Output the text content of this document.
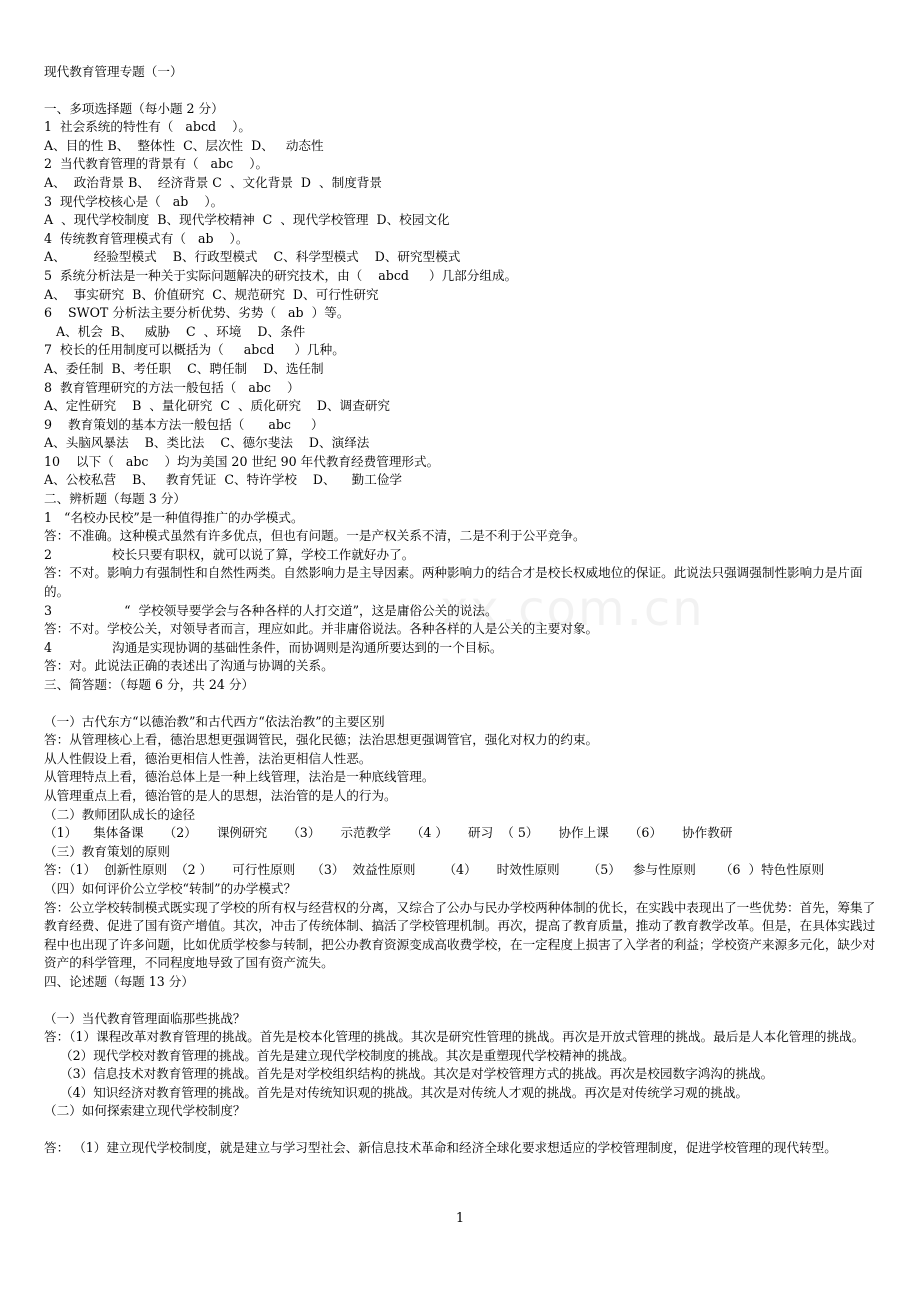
xx.com.cn

现代教育管理专题（一）

一、多项选择题（每小题 2 分）

1  社会系统的特性有（   abcd    ）。

A、目的性 B、  整体性  C、层次性  D、   动态性

2  当代教育管理的背景有（   abc    ）。

A、  政治背景 B、  经济背景 C  、文化背景  D  、制度背景

3  现代学校核心是（   ab    ）。

A  、现代学校制度  B、现代学校精神  C  、现代学校管理  D、校园文化

4  传统教育管理模式有（   ab    ）。

A、       经验型模式    B、行政型模式    C、科学型模式    D、研究型模式

5  系统分析法是一种关于实际问题解决的研究技术，由（    abcd     ）几部分组成。

A、  事实研究  B、价值研究  C、规范研究  D、可行性研究

6    SWOT 分析法主要分析优势、劣势（   ab  ）等。

A、机会  B、   威胁    C  、环境    D、条件

7  校长的任用制度可以概括为（     abcd     ）几种。

A、委任制  B、考任职    C、聘任制    D、选任制

8  教育管理研究的方法一般包括（   abc    ）

A、定性研究    B  、量化研究  C  、质化研究    D、调查研究

9    教育策划的基本方法一般包括（      abc     ）

A、头脑风暴法    B、类比法    C、德尔斐法    D、演绎法

10    以下（   abc    ）均为美国 20 世纪 90 年代教育经费管理形式。

A、公校私营    B、   教育凭证  C、特许学校    D、    勤工俭学

二、辨析题（每题 3 分）

1   “名校办民校”是一种值得推广的办学模式。

答：不准确。这种模式虽然有许多优点，但也有问题。一是产权关系不清，二是不利于公平竞争。

2               校长只要有职权，就可以说了算，学校工作就好办了。

答：不对。影响力有强制性和自然性两类。自然影响力是主导因素。两种影响力的结合才是校长权威地位的保证。此说法只强调强制性影响力是片面的。

3                  “  学校领导要学会与各种各样的人打交道”，这是庸俗公关的说法。

答：不对。学校公关，对领导者而言，理应如此。并非庸俗说法。各种各样的人是公关的主要对象。

4               沟通是实现协调的基础性条件，而协调则是沟通所要达到的一个目标。

答：对。此说法正确的表述出了沟通与协调的关系。

三、简答题：（每题 6 分，共 24 分）

（一）古代东方“以德治教”和古代西方“依法治教”的主要区别

答：从管理核心上看，德治思想更强调管民，强化民德；法治思想更强调管官，强化对权力的约束。

从人性假设上看，德治更相信人性善，法治更相信人性恶。

从管理特点上看，德治总体上是一种上线管理，法治是一种底线管理。

从管理重点上看，德治管的是人的思想，法治管的是人的行为。

（二）教师团队成长的途径

（1）    集体备课     （2）     课例研究     （3）     示范教学     （4 ）     研习  （ 5）     协作上课     （6）     协作教研

（三）教育策划的原则

答：（1）  创新性原则  （2 ）     可行性原则    （3）  效益性原则       （4）     时效性原则       （5）   参与性原则      （6  ）特色性原则

（四）如何评价公立学校“转制”的办学模式？

答：公立学校转制模式既实现了学校的所有权与经营权的分离，又综合了公办与民办学校两种体制的优长，在实践中表现出了一些优势：首先，筹集了教育经费、促进了国有资产增值。其次，冲击了传统体制、搞活了学校管理机制。再次，提高了教育质量，推动了教育教学改革。但是，在具体实践过程中也出现了许多问题，比如优质学校参与转制，把公办教育资源变成高收费学校，在一定程度上损害了入学者的利益；学校资产来源多元化，缺少对资产的科学管理，不同程度地导致了国有资产流失。

四、论述题（每题 13 分）

（一）当代教育管理面临那些挑战？

答：（1）课程改革对教育管理的挑战。首先是校本化管理的挑战。其次是研究性管理的挑战。再次是开放式管理的挑战。最后是人本化管理的挑战。

（2）现代学校对教育管理的挑战。首先是建立现代学校制度的挑战。其次是重塑现代学校精神的挑战。

（3）信息技术对教育管理的挑战。首先是对学校组织结构的挑战。其次是对学校管理方式的挑战。再次是校园数字鸿沟的挑战。

（4）知识经济对教育管理的挑战。首先是对传统知识观的挑战。其次是对传统人才观的挑战。再次是对传统学习观的挑战。

（二）如何探索建立现代学校制度？

答： （1）建立现代学校制度，就是建立与学习型社会、新信息技术革命和经济全球化要求想适应的学校管理制度，促进学校管理的现代转型。

1
